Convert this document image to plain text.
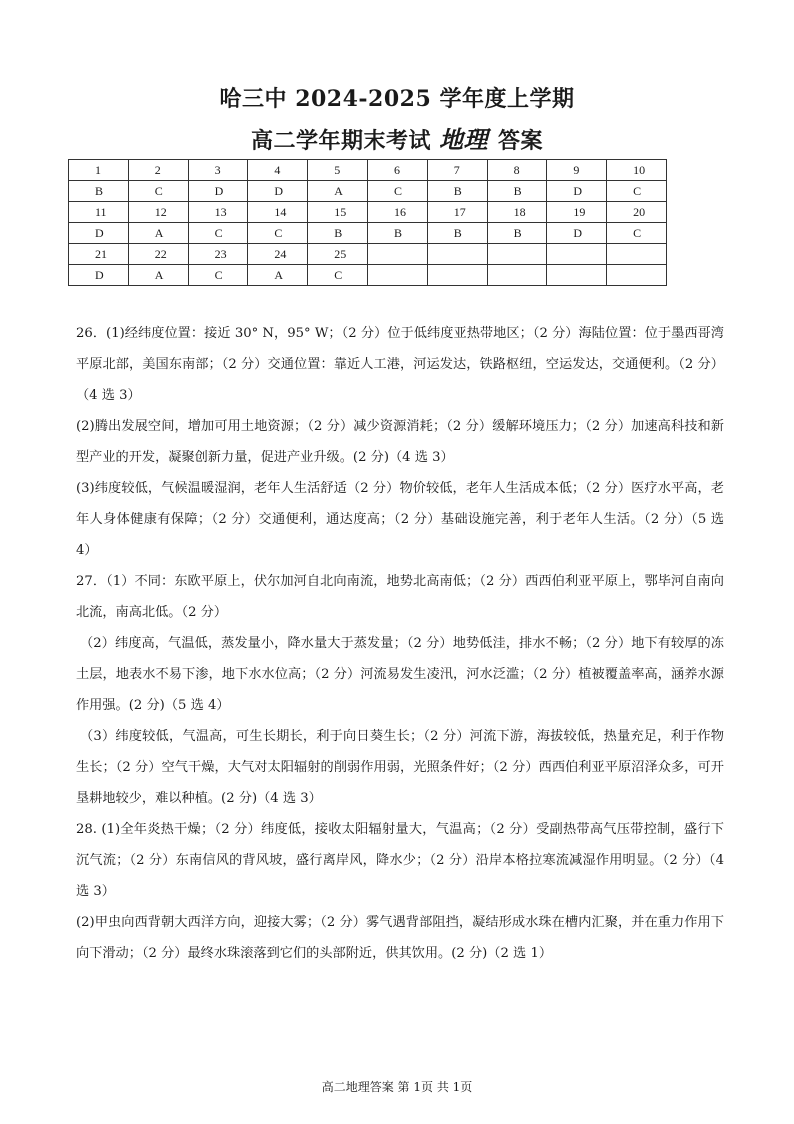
哈三中 2024-2025 学年度上学期
高二学年期末考试 地理 答案
1	2	3	4	5	6	7	8	9	10
B	C	D	D	A	C	B	B	D	C
11	12	13	14	15	16	17	18	19	20
D	A	C	C	B	B	B	B	D	C
21	22	23	24	25					
D	A	C	A	C					

26．(1)经纬度位置：接近 30° N，95° W；（2 分）位于低纬度亚热带地区；（2 分）海陆位置：位于墨西哥湾平原北部，美国东南部；（2 分）交通位置：靠近人工港，河运发达，铁路枢纽，空运发达，交通便利。（2 分）（4 选 3）

(2)腾出发展空间，增加可用土地资源；（2 分）减少资源消耗；（2 分）缓解环境压力；（2 分）加速高科技和新型产业的开发，凝聚创新力量，促进产业升级。(2 分)（4 选 3）

(3)纬度较低，气候温暖湿润，老年人生活舒适（2 分）物价较低，老年人生活成本低；（2 分）医疗水平高，老年人身体健康有保障；（2 分）交通便利，通达度高；（2 分）基础设施完善，利于老年人生活。（2 分）（5 选 4）

27．（1）不同：东欧平原上，伏尔加河自北向南流，地势北高南低；（2 分）西西伯利亚平原上，鄂毕河自南向北流，南高北低。（2 分）

（2）纬度高，气温低，蒸发量小，降水量大于蒸发量；（2 分）地势低洼，排水不畅；（2 分）地下有较厚的冻土层，地表水不易下渗，地下水水位高；（2 分）河流易发生凌汛，河水泛滥；（2 分）植被覆盖率高，涵养水源作用强。(2 分)（5 选 4）

（3）纬度较低，气温高，可生长期长，利于向日葵生长；（2 分）河流下游，海拔较低，热量充足，利于作物生长；（2 分）空气干燥，大气对太阳辐射的削弱作用弱，光照条件好；（2 分）西西伯利亚平原沼泽众多，可开垦耕地较少，难以种植。(2 分)（4 选 3）

28. (1)全年炎热干燥；（2 分）纬度低，接收太阳辐射量大，气温高；（2 分）受副热带高气压带控制，盛行下沉气流；（2 分）东南信风的背风坡，盛行离岸风，降水少；（2 分）沿岸本格拉寒流减湿作用明显。（2 分）（4 选 3）

(2)甲虫向西背朝大西洋方向，迎接大雾；（2 分）雾气遇背部阻挡，凝结形成水珠在槽内汇聚，并在重力作用下向下滑动；（2 分）最终水珠滚落到它们的头部附近，供其饮用。(2 分)（2 选 1）

高二地理答案 第 1页 共 1页
